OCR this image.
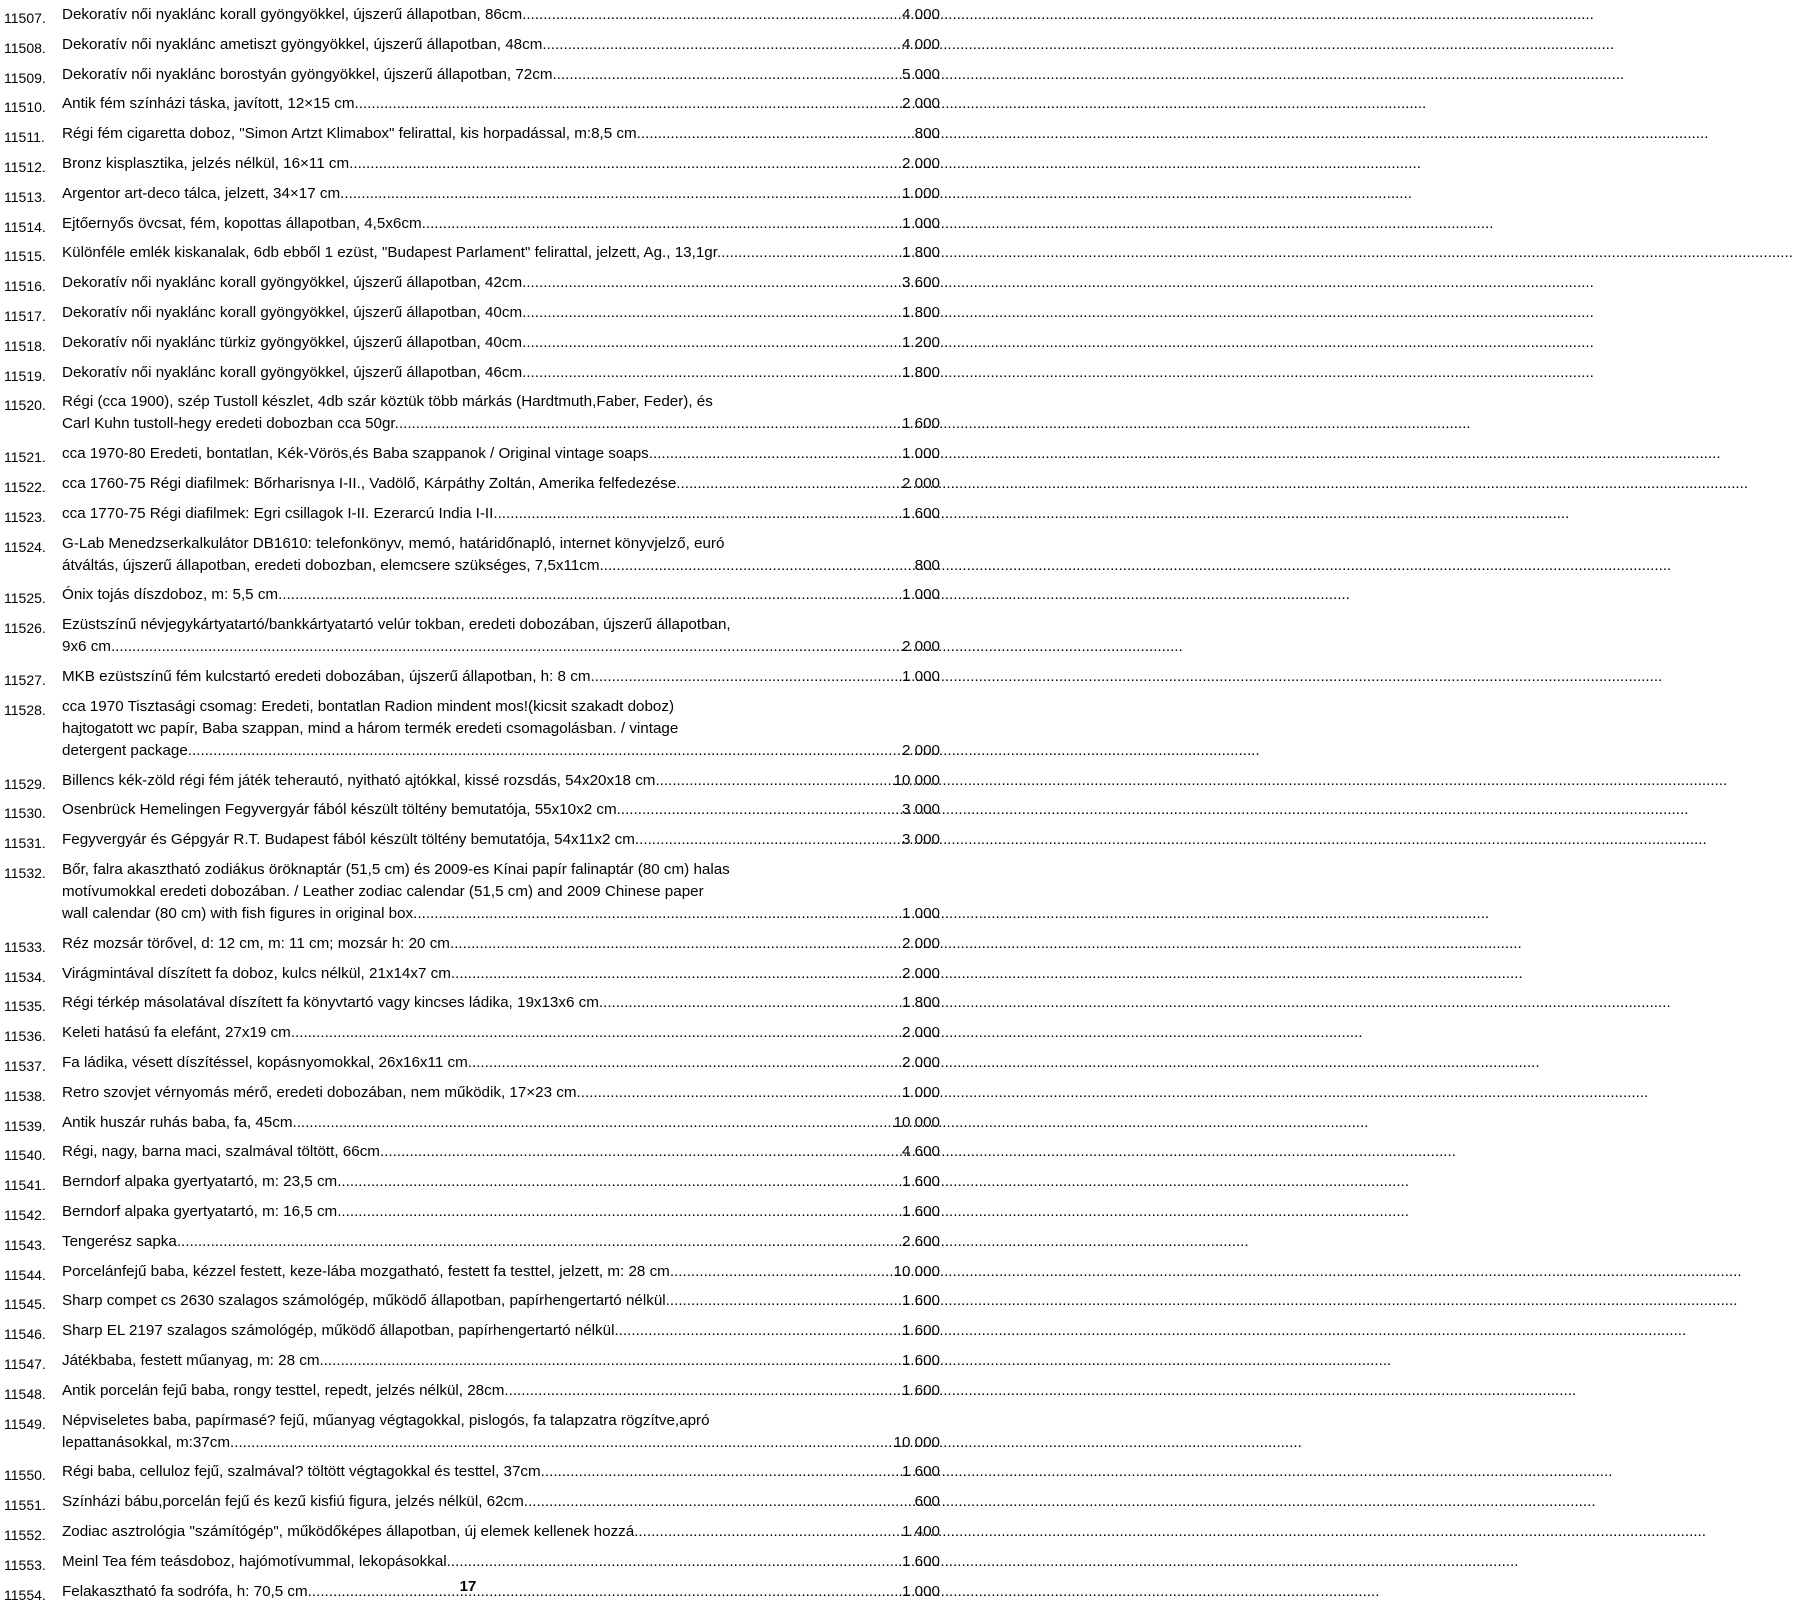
11507.	Dekoratív női nyaklánc korall gyöngyökkel, újszerű állapotban, 86cm .....	4 000
11508.	Dekoratív női nyaklánc ametiszt gyöngyökkel, újszerű állapotban, 48cm .....	4 000
11509.	Dekoratív női nyaklánc borostyán gyöngyökkel, újszerű állapotban, 72cm .....	5 000
11510.	Antik fém színházi táska, javított, 12×15 cm .....	2 000
11511.	Régi fém cigaretta doboz, "Simon Artzt Klimabox" felirattal, kis horpadással, m:8,5 cm .....	800
11512.	Bronz kisplasztika, jelzés nélkül, 16×11 cm .....	2 000
11513.	Argentor art-deco tálca, jelzett, 34×17 cm .....	1 000
11514.	Ejtőernyős övcsat, fém, kopottas állapotban, 4,5x6cm .....	1 000
11515.	Különféle emlék kiskanalak, 6db ebből 1 ezüst, "Budapest Parlament" felirattal, jelzett, Ag., 13,1gr. .....	1 800
11516.	Dekoratív női nyaklánc korall gyöngyökkel, újszerű állapotban, 42cm .....	3 600
11517.	Dekoratív női nyaklánc korall gyöngyökkel, újszerű állapotban, 40cm .....	1 800
11518.	Dekoratív női nyaklánc türkiz gyöngyökkel, újszerű állapotban, 40cm .....	1 200
11519.	Dekoratív női nyaklánc korall gyöngyökkel, újszerű állapotban, 46cm .....	1 800
11520.	Régi (cca 1900), szép Tustoll készlet, 4db szár köztük több márkás (Hardtmuth,Faber, Feder), és
Carl Kuhn tustoll-hegy eredeti dobozban cca 50gr. .....	1 600
11521.	cca 1970-80 Eredeti, bontatlan, Kék-Vörös,és Baba szappanok / Original vintage soaps .....	1 000
11522.	cca 1760-75 Régi diafilmek: Bőrharisnya I-II., Vadölő, Kárpáthy Zoltán, Amerika felfedezése .....	2 000
11523.	cca 1770-75 Régi diafilmek: Egri csillagok I-II. Ezerarcú India I-II. .....	1 600
11524.	G-Lab Menedzserkalkulátor DB1610: telefonkönyv, memó, határidőnapló, internet könyvjelző, euró
átváltás, újszerű állapotban, eredeti dobozban, elemcsere szükséges, 7,5x11cm .....	800
11525.	Ónix tojás díszdoboz, m: 5,5 cm .....	1 000
11526.	Ezüstszínű névjegykártyatartó/bankkártyatartó velúr tokban, eredeti dobozában, újszerű állapotban,
9x6 cm .....	2 000
11527.	MKB ezüstszínű fém kulcstartó eredeti dobozában, újszerű állapotban, h: 8 cm .....	1 000
11528.	cca 1970 Tisztasági csomag: Eredeti, bontatlan Radion mindent mos!(kicsit szakadt doboz)
hajtogatott wc papír, Baba szappan, mind a három termék eredeti csomagolásban. / vintage
detergent package .....	2 000
11529.	Billencs kék-zöld régi fém játék teherautó, nyitható ajtókkal, kissé rozsdás, 54x20x18 cm .....	10 000
11530.	Osenbrück Hemelingen Fegyvergyár fából készült töltény bemutatója, 55x10x2 cm .....	3 000
11531.	Fegyvergyár és Gépgyár R.T. Budapest fából készült töltény bemutatója, 54x11x2 cm .....	3 000
11532.	Bőr, falra akasztható zodiákus öröknaptár (51,5 cm) és 2009-es Kínai papír falinaptár (80 cm) halas
motívumokkal eredeti dobozában. / Leather zodiac calendar (51,5 cm) and 2009 Chinese paper
wall calendar (80 cm) with fish figures in original box. .....	1 000
11533.	Réz mozsár törővel, d: 12 cm, m: 11 cm; mozsár h: 20 cm .....	2 000
11534.	Virágmintával díszített fa doboz, kulcs nélkül, 21x14x7 cm .....	2 000
11535.	Régi térkép másolatával díszített fa könyvtartó vagy kincses ládika, 19x13x6 cm .....	1 800
11536.	Keleti hatású fa elefánt, 27x19 cm .....	2 000
11537.	Fa ládika, vésett díszítéssel, kopásnyomokkal, 26x16x11 cm .....	2 000
11538.	Retro szovjet vérnyomás mérő, eredeti dobozában, nem működik, 17×23 cm .....	1 000
11539.	Antik huszár ruhás baba, fa, 45cm. .....	10 000
11540.	Régi, nagy, barna maci, szalmával töltött, 66cm. .....	4 600
11541.	Berndorf alpaka gyertyatartó, m: 23,5 cm .....	1 600
11542.	Berndorf alpaka gyertyatartó, m: 16,5 cm .....	1 600
11543.	Tengerész sapka .....	2 600
11544.	Porcelánfejű baba, kézzel festett, keze-lába mozgatható, festett fa testtel, jelzett, m: 28 cm .....	10 000
11545.	Sharp compet cs 2630 szalagos számológép, működő állapotban, papírhengertartó nélkül .....	1 600
11546.	Sharp EL 2197 szalagos számológép, működő állapotban, papírhengertartó nélkül .....	1 600
11547.	Játékbaba, festett műanyag, m: 28 cm .....	1 600
11548.	Antik porcelán fejű baba, rongy testtel, repedt, jelzés nélkül, 28cm .....	1 600
11549.	Népviseletes baba, papírmasé? fejű, műanyag végtagokkal, pislogós, fa talapzatra rögzítve,apró
lepattanásokkal, m:37cm .....	10 000
11550.	Régi baba, celluloz fejű, szalmával? töltött végtagokkal és testtel, 37cm .....	1 600
11551.	Színházi bábu,porcelán fejű és kezű kisfiú figura, jelzés nélkül, 62cm .....	600
11552.	Zodiac asztrológia "számítógép", működőképes állapotban, új elemek kellenek hozzá .....	1 400
11553.	Meinl Tea fém teásdoboz, hajómotívummal, lekopásokkal .....	1 600
11554.	Felakasztható fa sodrófa, h: 70,5 cm .....	1 000
17
